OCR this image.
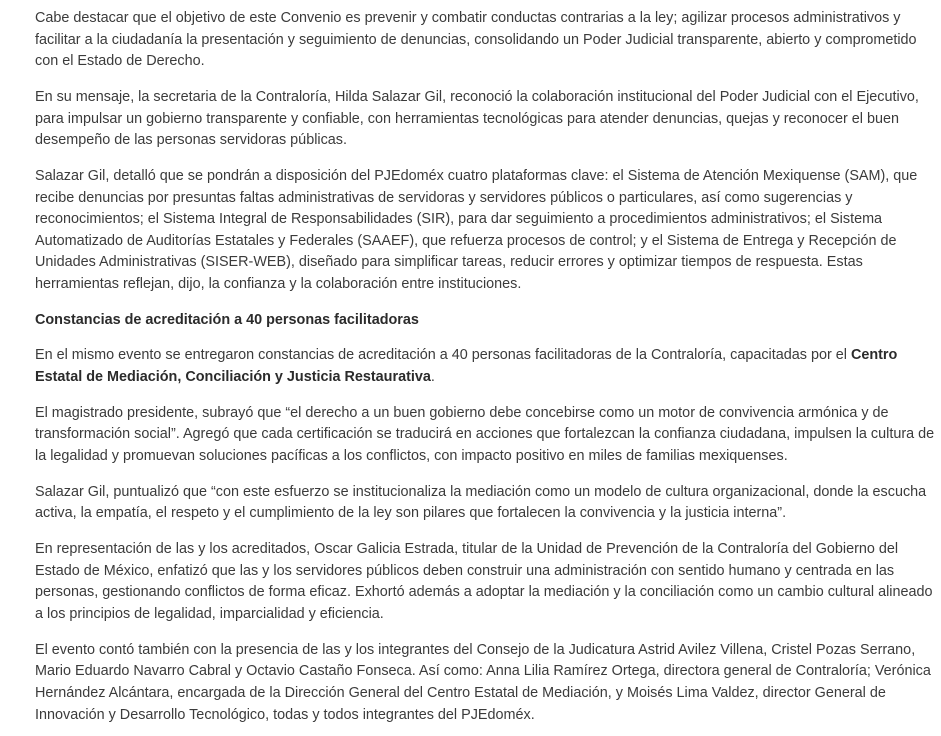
Cabe destacar que el objetivo de este Convenio es prevenir y combatir conductas contrarias a la ley; agilizar procesos administrativos y facilitar a la ciudadanía la presentación y seguimiento de denuncias, consolidando un Poder Judicial transparente, abierto y comprometido con el Estado de Derecho.

En su mensaje, la secretaria de la Contraloría, Hilda Salazar Gil, reconoció la colaboración institucional del Poder Judicial con el Ejecutivo, para impulsar un gobierno transparente y confiable, con herramientas tecnológicas para atender denuncias, quejas y reconocer el buen desempeño de las personas servidoras públicas.

Salazar Gil, detalló que se pondrán a disposición del PJEdoméx cuatro plataformas clave: el Sistema de Atención Mexiquense (SAM), que recibe denuncias por presuntas faltas administrativas de servidoras y servidores públicos o particulares, así como sugerencias y reconocimientos; el Sistema Integral de Responsabilidades (SIR), para dar seguimiento a procedimientos administrativos; el Sistema Automatizado de Auditorías Estatales y Federales (SAAEF), que refuerza procesos de control; y el Sistema de Entrega y Recepción de Unidades Administrativas (SISER-WEB), diseñado para simplificar tareas, reducir errores y optimizar tiempos de respuesta. Estas herramientas reflejan, dijo, la confianza y la colaboración entre instituciones.

Constancias de acreditación a 40 personas facilitadoras

En el mismo evento se entregaron constancias de acreditación a 40 personas facilitadoras de la Contraloría, capacitadas por el Centro Estatal de Mediación, Conciliación y Justicia Restaurativa.

El magistrado presidente, subrayó que “el derecho a un buen gobierno debe concebirse como un motor de convivencia armónica y de transformación social”. Agregó que cada certificación se traducirá en acciones que fortalezcan la confianza ciudadana, impulsen la cultura de la legalidad y promuevan soluciones pacíficas a los conflictos, con impacto positivo en miles de familias mexiquenses.

Salazar Gil, puntualizó que “con este esfuerzo se institucionaliza la mediación como un modelo de cultura organizacional, donde la escucha activa, la empatía, el respeto y el cumplimiento de la ley son pilares que fortalecen la convivencia y la justicia interna”.

En representación de las y los acreditados, Oscar Galicia Estrada, titular de la Unidad de Prevención de la Contraloría del Gobierno del Estado de México, enfatizó que las y los servidores públicos deben construir una administración con sentido humano y centrada en las personas, gestionando conflictos de forma eficaz. Exhortó además a adoptar la mediación y la conciliación como un cambio cultural alineado a los principios de legalidad, imparcialidad y eficiencia.

El evento contó también con la presencia de las y los integrantes del Consejo de la Judicatura Astrid Avilez Villena, Cristel Pozas Serrano, Mario Eduardo Navarro Cabral y Octavio Castaño Fonseca. Así como: Anna Lilia Ramírez Ortega, directora general de Contraloría; Verónica Hernández Alcántara, encargada de la Dirección General del Centro Estatal de Mediación, y Moisés Lima Valdez, director General de Innovación y Desarrollo Tecnológico, todas y todos integrantes del PJEdoméx.
